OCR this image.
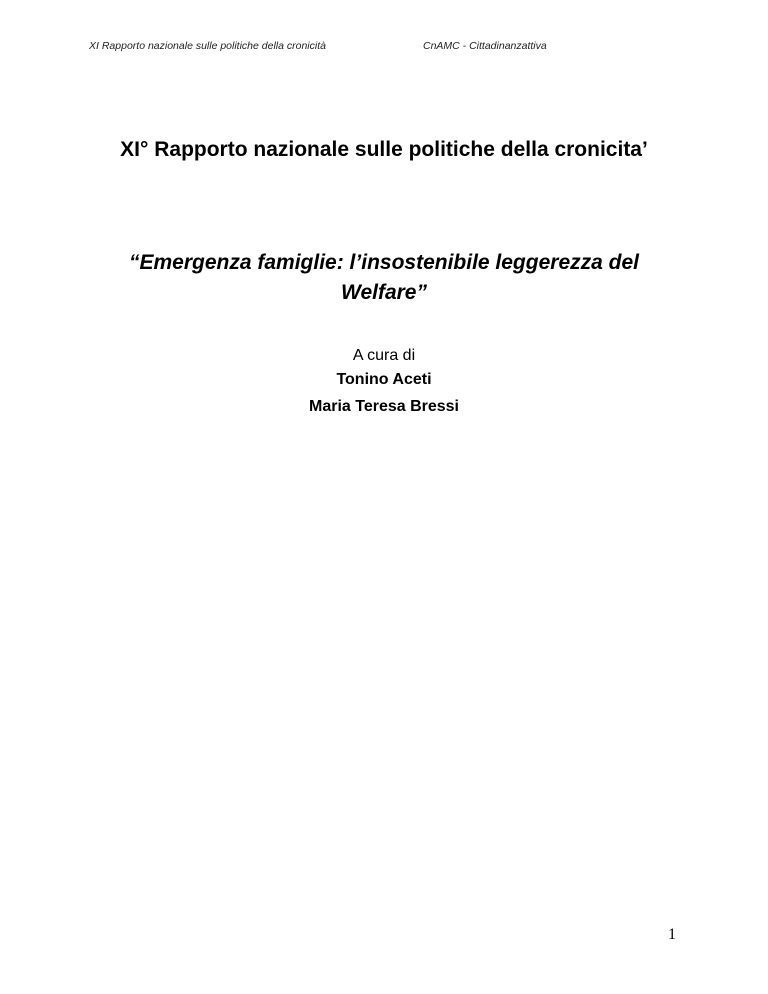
XI Rapporto nazionale sulle politiche della cronicità	CnAMC - Cittadinanzattiva
XI° Rapporto nazionale sulle politiche della cronicita’
“Emergenza famiglie: l’insostenibile leggerezza del Welfare”
A cura di
Tonino Aceti
Maria Teresa Bressi
1
